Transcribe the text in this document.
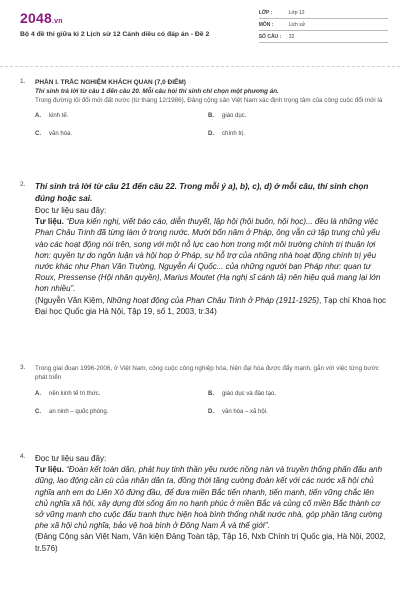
2048.vn
Bộ 4 đề thi giữa kì 2 Lịch sử 12 Cánh diều có đáp án - Đề 2
LỚP :	Lớp 12
MÔN :	Lịch sử
SỐ CÂU :	32
1. PHẦN I. TRẮC NGHIỆM KHÁCH QUAN (7,0 ĐIỂM)
Thí sinh trả lời từ câu 1 đến câu 20. Mỗi câu hỏi thí sinh chỉ chọn một phương án.
Trong đường lối đổi mới đất nước (từ tháng 12/1986), Đảng cộng sản Việt Nam xác định trọng tâm của công cuộc đổi mới là
A.	kinh tế.	B.	giáo dục.
C.	văn hóa.	D.	chính trị.
2. Thí sinh trả lời từ câu 21 đến câu 22. Trong mỗi ý a), b), c), d) ở mỗi câu, thí sinh chọn đúng hoặc sai.
Đọc tư liệu sau đây:
Tư liệu. “Đưa kiến nghị, viết báo cáo, diễn thuyết, lập hội (hội buôn, hội học)... đều là những việc Phan Châu Trinh đã từng làm ở trong nước. Mười bốn năm ở Pháp, ông vẫn cứ tập trung chủ yếu vào các hoạt động nói trên, song với một nỗ lực cao hơn trong một môi trường chính trị thuận lợi hơn: quyền tự do ngôn luận và hội họp ở Pháp, sự hỗ trợ của những nhà hoạt động chính trị yêu nước khác như Phan Văn Trường, Nguyễn Ái Quốc... của những người bạn Pháp như: quan tư Roux, Pressense (Hội nhân quyền), Marius Moutet (Hạ nghị sĩ cánh tả) nên hiệu quả mang lại lớn hơn nhiều”.
(Nguyễn Văn Kiệm, Những hoạt động của Phan Châu Trinh ở Pháp (1911-1925), Tạp chí Khoa học Đại học Quốc gia Hà Nội, Tập 19, số 1, 2003, tr.34)
3. Trong giai đoạn 1996-2006, ở Việt Nam, công cuộc công nghiệp hóa, hiện đại hóa được đẩy mạnh, gắn với việc từng bước phát triển
A.	nền kinh tế tri thức.	B.	giáo dục và đào tạo.
C.	an ninh – quốc phòng.	D.	văn hóa – xã hội.
4. Đọc tư liệu sau đây:
Tư liệu. “Đoàn kết toàn dân, phát huy tinh thần yêu nước nồng nàn và truyền thống phấn đấu anh dũng, lao động cần cù của nhân dân ta, đồng thời tăng cường đoàn kết với các nước xã hội chủ nghĩa anh em do Liên Xô đứng đầu, để đưa miền Bắc tiến nhanh, tiến mạnh, tiến vững chắc lên chủ nghĩa xã hội, xây dựng đời sống ấm no hạnh phúc ở miền Bắc và củng cố miền Bắc thành cơ sở vững mạnh cho cuộc đấu tranh thực hiện hoà bình thống nhất nước nhà, góp phần tăng cường phe xã hội chủ nghĩa, bảo vệ hoà bình ở Đông Nam Á và thế giới”.
(Đảng Cộng sản Việt Nam, Văn kiện Đảng Toàn tập, Tập 16, Nxb Chính trị Quốc gia, Hà Nội, 2002, tr.576)
